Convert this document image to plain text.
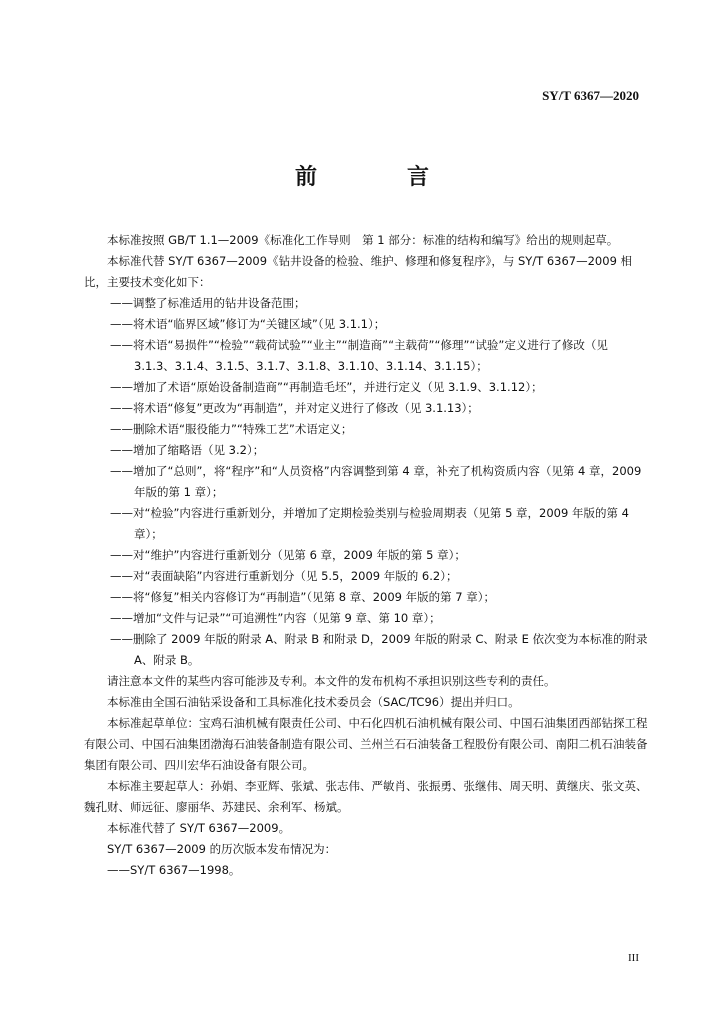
SY/T 6367—2020
前　言

本标准按照 GB/T 1.1—2009《标准化工作导则　第 1 部分：标准的结构和编写》给出的规则起草。

本标准代替 SY/T 6367—2009《钻井设备的检验、维护、修理和修复程序》，与 SY/T 6367—2009 相比，主要技术变化如下：

——调整了标准适用的钻井设备范围；

——将术语“临界区域”修订为“关键区域”（见 3.1.1）；

——将术语“易损件”“检验”“载荷试验”“业主”“制造商”“主载荷”“修理”“试验”定义进行了修改（见 3.1.3、3.1.4、3.1.5、3.1.7、3.1.8、3.1.10、3.1.14、3.1.15）；

——增加了术语“原始设备制造商”“再制造毛坯”，并进行定义（见 3.1.9、3.1.12）；

——将术语“修复”更改为“再制造”，并对定义进行了修改（见 3.1.13）；

——删除术语“服役能力”“特殊工艺”术语定义；

——增加了缩略语（见 3.2）；

——增加了“总则”，将“程序”和“人员资格”内容调整到第 4 章，补充了机构资质内容（见第 4 章，2009 年版的第 1 章）；

——对“检验”内容进行重新划分，并增加了定期检验类别与检验周期表（见第 5 章，2009 年版的第 4 章）；

——对“维护”内容进行重新划分（见第 6 章，2009 年版的第 5 章）；

——对“表面缺陷”内容进行重新划分（见 5.5，2009 年版的 6.2）；

——将“修复”相关内容修订为“再制造”（见第 8 章、2009 年版的第 7 章）；

——增加“文件与记录”“可追溯性”内容（见第 9 章、第 10 章）；

——删除了 2009 年版的附录 A、附录 B 和附录 D，2009 年版的附录 C、附录 E 依次变为本标准的附录 A、附录 B。

请注意本文件的某些内容可能涉及专利。本文件的发布机构不承担识别这些专利的责任。

本标准由全国石油钻采设备和工具标准化技术委员会（SAC/TC96）提出并归口。

本标准起草单位：宝鸡石油机械有限责任公司、中石化四机石油机械有限公司、中国石油集团西部钻探工程有限公司、中国石油集团渤海石油装备制造有限公司、兰州兰石石油装备工程股份有限公司、南阳二机石油装备集团有限公司、四川宏华石油设备有限公司。

本标准主要起草人：孙娟、李亚辉、张斌、张志伟、严敏肖、张振勇、张继伟、周天明、黄继庆、张文英、魏孔财、师远征、廖丽华、苏建民、余利军、杨斌。

本标准代替了 SY/T 6367—2009。

SY/T 6367—2009 的历次版本发布情况为：

——SY/T 6367—1998。

III
